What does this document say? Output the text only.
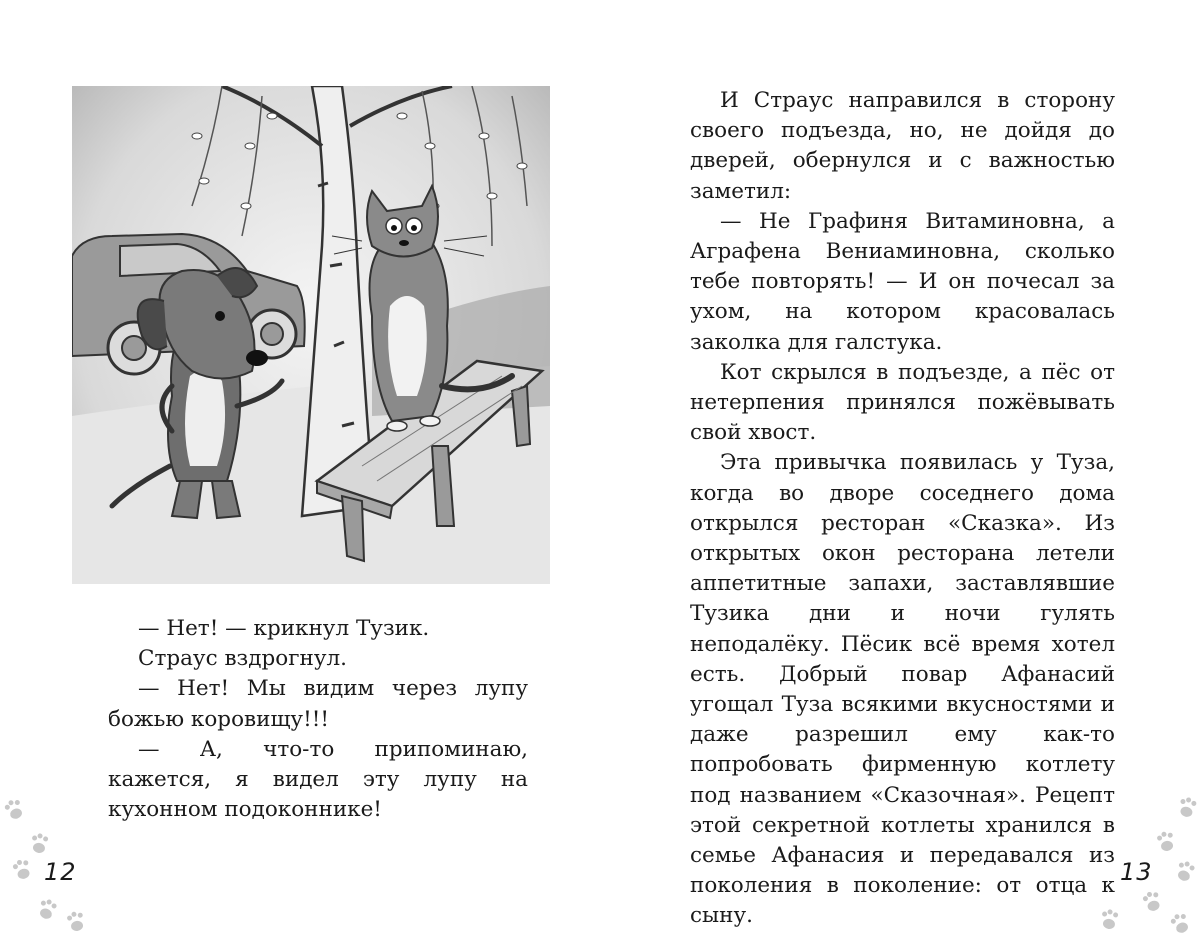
— Нет! — крикнул Тузик.

Страус вздрогнул.

— Нет! Мы видим через лупу божью коровищу!!!

— А, что-то припоминаю, кажется, я видел эту лупу на кухонном подоконнике!

12

И Страус направился в сторону своего подъезда, но, не дойдя до дверей, обернулся и с важностью заметил:

— Не Графиня Витаминовна, а Аграфена Вениаминовна, сколько тебе повторять! — И он почесал за ухом, на котором красовалась заколка для галстука.

Кот скрылся в подъезде, а пёс от нетерпения принялся пожёвывать свой хвост.

Эта привычка появилась у Туза, когда во дворе соседнего дома открылся ресторан «Сказка». Из открытых окон ресторана летели аппетитные запахи, заставлявшие Тузика дни и ночи гулять неподалёку. Пёсик всё время хотел есть. Добрый повар Афанасий угощал Туза всякими вкусностями и даже разрешил ему как-то попробовать фирменную котлету под названием «Сказочная». Рецепт этой секретной котлеты хранился в семье Афанасия и передавался из поколения в поколение: от отца к сыну.

13
